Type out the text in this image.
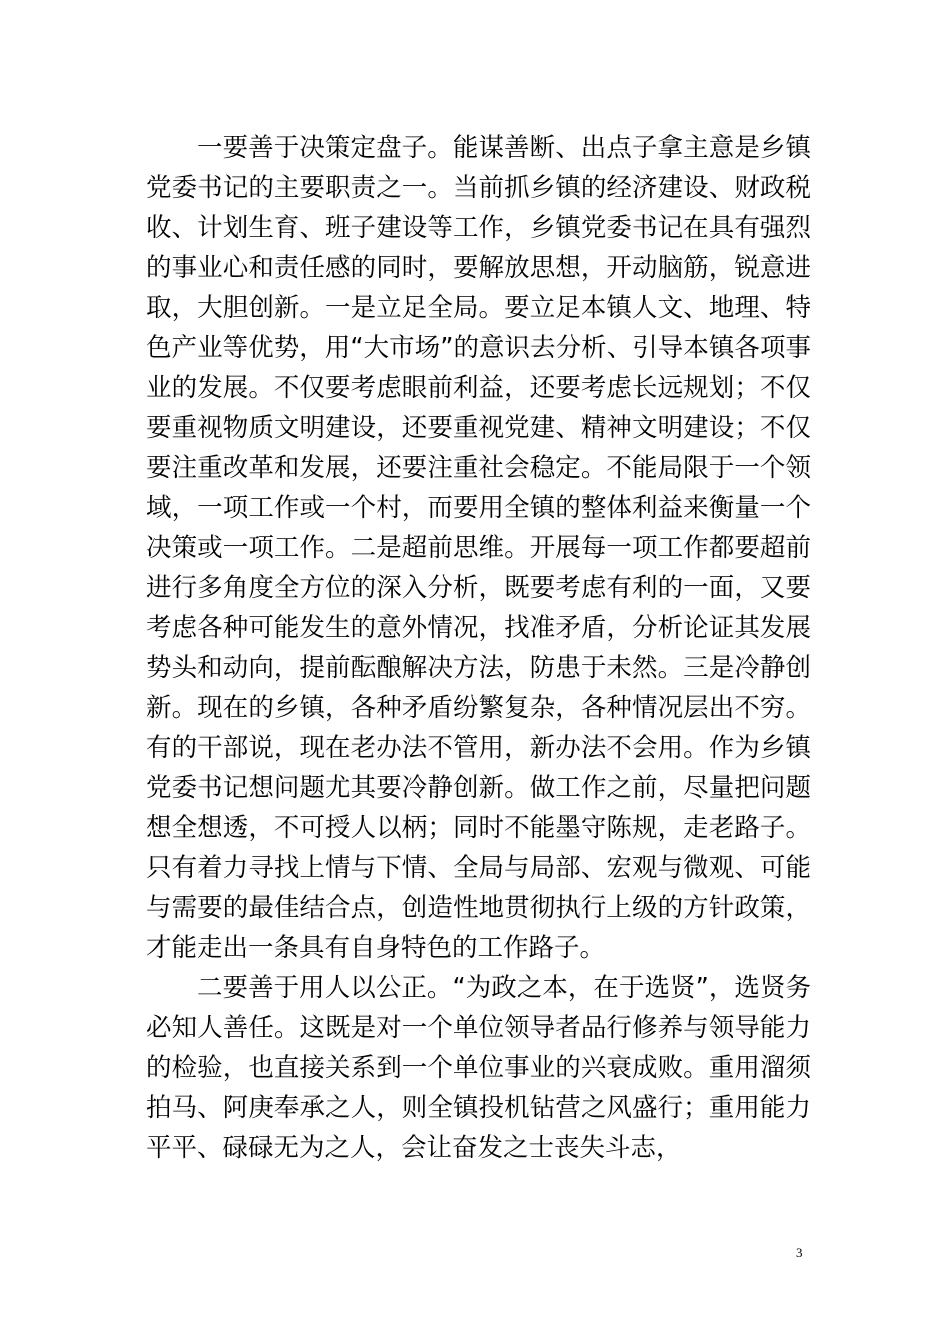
一要善于决策定盘子。能谋善断、出点子拿主意是乡镇党委书记的主要职责之一。当前抓乡镇的经济建设、财政税收、计划生育、班子建设等工作，乡镇党委书记在具有强烈的事业心和责任感的同时，要解放思想，开动脑筋，锐意进取，大胆创新。一是立足全局。要立足本镇人文、地理、特色产业等优势，用“大市场”的意识去分析、引导本镇各项事业的发展。不仅要考虑眼前利益，还要考虑长远规划；不仅要重视物质文明建设，还要重视党建、精神文明建设；不仅要注重改革和发展，还要注重社会稳定。不能局限于一个领域，一项工作或一个村，而要用全镇的整体利益来衡量一个决策或一项工作。二是超前思维。开展每一项工作都要超前进行多角度全方位的深入分析，既要考虑有利的一面，又要考虑各种可能发生的意外情况，找准矛盾，分析论证其发展势头和动向，提前酝酿解决方法，防患于未然。三是冷静创新。现在的乡镇，各种矛盾纷繁复杂，各种情况层出不穷。有的干部说，现在老办法不管用，新办法不会用。作为乡镇党委书记想问题尤其要冷静创新。做工作之前，尽量把问题想全想透，不可授人以柄；同时不能墨守陈规，走老路子。只有着力寻找上情与下情、全局与局部、宏观与微观、可能与需要的最佳结合点，创造性地贯彻执行上级的方针政策，才能走出一条具有自身特色的工作路子。

二要善于用人以公正。“为政之本，在于选贤”，选贤务必知人善任。这既是对一个单位领导者品行修养与领导能力的检验，也直接关系到一个单位事业的兴衰成败。重用溜须拍马、阿庚奉承之人，则全镇投机钻营之风盛行；重用能力平平、碌碌无为之人，会让奋发之士丧失斗志，

3
